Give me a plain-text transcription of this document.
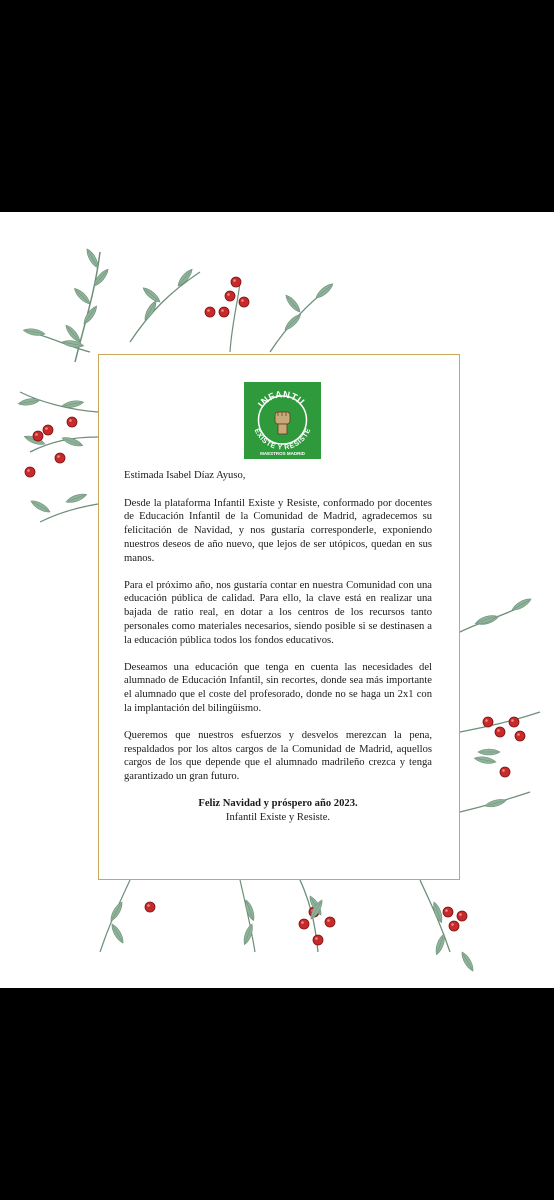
INFANTIL
EXISTE Y RESISTE
MAESTROS MADRID

Estimada Isabel Díaz Ayuso,

Desde la plataforma Infantil Existe y Resiste, conformado por docentes de Educación Infantil de la Comunidad de Madrid, agradecemos su felicitación de Navidad, y nos gustaría corresponderle, exponiendo nuestros deseos de año nuevo, que lejos de ser utópicos, quedan en sus manos.

Para el próximo año, nos gustaría contar en nuestra Comunidad con una educación pública de calidad. Para ello, la clave está en realizar una bajada de ratio real, en dotar a los centros de los recursos tanto personales como materiales necesarios, siendo posible si se destinasen a la educación pública todos los fondos educativos.

Deseamos una educación que tenga en cuenta las necesidades del alumnado de Educación Infantil, sin recortes, donde sea más importante el alumnado que el coste del profesorado, donde no se haga un 2x1 con la implantación del bilingüismo.

Queremos que nuestros esfuerzos y desvelos merezcan la pena, respaldados por los altos cargos de la Comunidad de Madrid, aquellos cargos de los que depende que el alumnado madrileño crezca y tenga garantizado un gran futuro.

Feliz Navidad y próspero año 2023.
Infantil Existe y Resiste.
